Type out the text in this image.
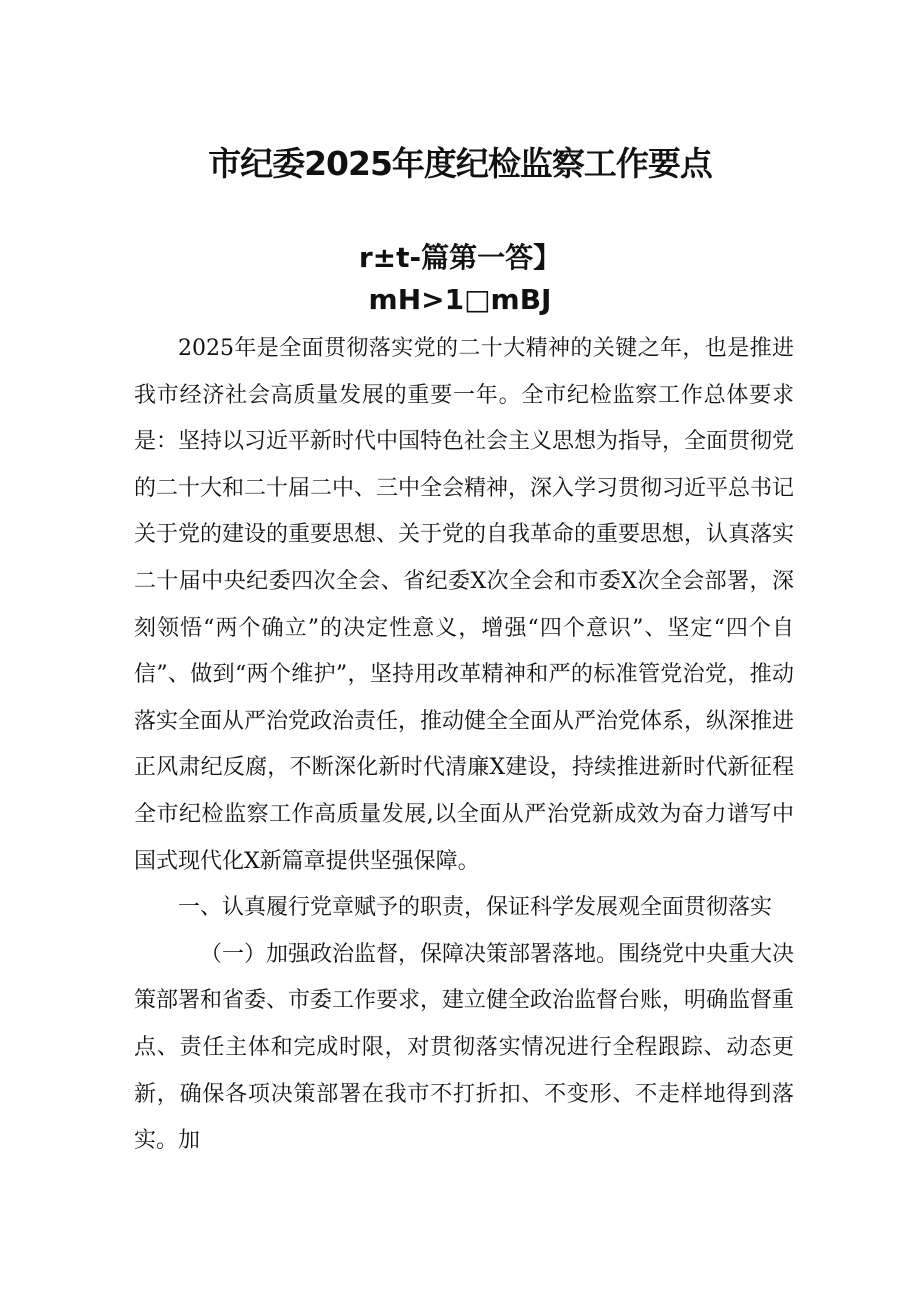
市纪委2025年度纪检监察工作要点
r±t-篇第一答】
mH>1□mBJ

2025年是全面贯彻落实党的二十大精神的关键之年，也是推进我市经济社会高质量发展的重要一年。全市纪检监察工作总体要求是：坚持以习近平新时代中国特色社会主义思想为指导，全面贯彻党的二十大和二十届二中、三中全会精神，深入学习贯彻习近平总书记关于党的建设的重要思想、关于党的自我革命的重要思想，认真落实二十届中央纪委四次全会、省纪委X次全会和市委X次全会部署，深刻领悟“两个确立”的决定性意义，增强“四个意识”、坚定“四个自信”、做到“两个维护”，坚持用改革精神和严的标准管党治党，推动落实全面从严治党政治责任，推动健全全面从严治党体系，纵深推进正风肃纪反腐，不断深化新时代清廉X建设，持续推进新时代新征程全市纪检监察工作高质量发展,以全面从严治党新成效为奋力谱写中国式现代化X新篇章提供坚强保障。

一、认真履行党章赋予的职责，保证科学发展观全面贯彻落实

（一）加强政治监督，保障决策部署落地。围绕党中央重大决策部署和省委、市委工作要求，建立健全政治监督台账，明确监督重点、责任主体和完成时限，对贯彻落实情况进行全程跟踪、动态更新，确保各项决策部署在我市不打折扣、不变形、不走样地得到落实。加
